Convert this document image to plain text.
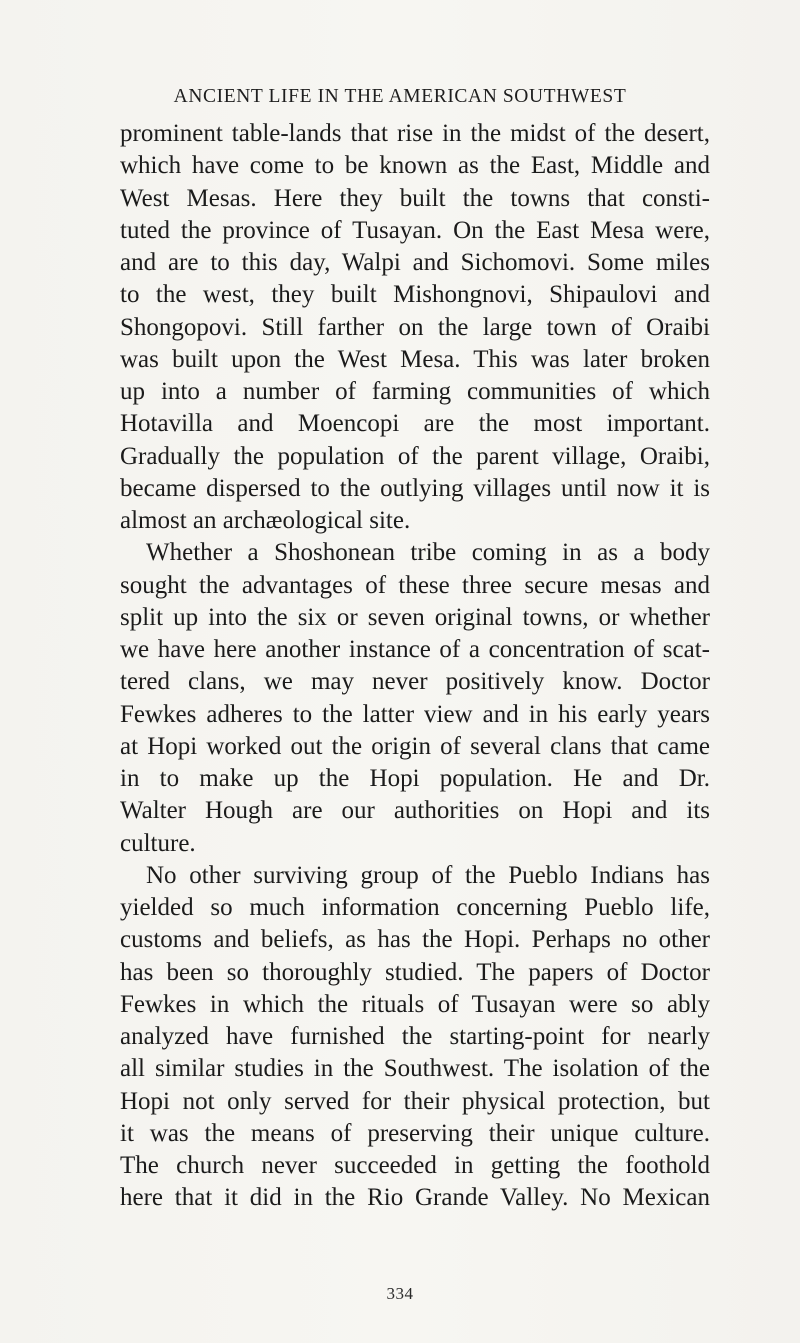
ANCIENT LIFE IN THE AMERICAN SOUTHWEST
prominent table-lands that rise in the midst of the desert,
which have come to be known as the East, Middle and
West Mesas. Here they built the towns that consti-
tuted the province of Tusayan. On the East Mesa were,
and are to this day, Walpi and Sichomovi. Some miles
to the west, they built Mishongnovi, Shipaulovi and
Shongopovi. Still farther on the large town of Oraibi
was built upon the West Mesa. This was later broken
up into a number of farming communities of which
Hotavilla and Moencopi are the most important.
Gradually the population of the parent village, Oraibi,
became dispersed to the outlying villages until now it is
almost an archæological site.
Whether a Shoshonean tribe coming in as a body
sought the advantages of these three secure mesas and
split up into the six or seven original towns, or whether
we have here another instance of a concentration of scat-
tered clans, we may never positively know. Doctor
Fewkes adheres to the latter view and in his early years
at Hopi worked out the origin of several clans that came
in to make up the Hopi population. He and Dr.
Walter Hough are our authorities on Hopi and its
culture.
No other surviving group of the Pueblo Indians has
yielded so much information concerning Pueblo life,
customs and beliefs, as has the Hopi. Perhaps no other
has been so thoroughly studied. The papers of Doctor
Fewkes in which the rituals of Tusayan were so ably
analyzed have furnished the starting-point for nearly
all similar studies in the Southwest. The isolation of the
Hopi not only served for their physical protection, but
it was the means of preserving their unique culture.
The church never succeeded in getting the foothold
here that it did in the Rio Grande Valley. No Mexican
334
